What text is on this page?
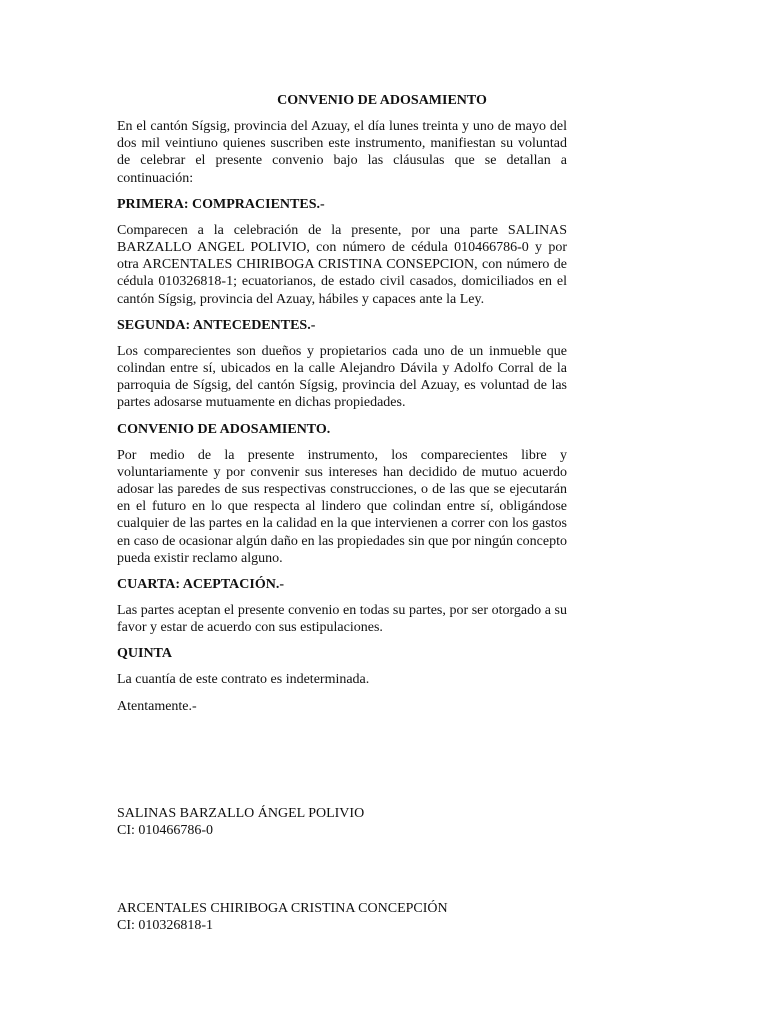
CONVENIO DE ADOSAMIENTO
En el cantón Sígsig, provincia del Azuay, el día lunes treinta y uno de mayo del dos mil veintiuno quienes suscriben este instrumento, manifiestan su voluntad de celebrar el presente convenio bajo las cláusulas que se detallan a continuación:
PRIMERA: COMPRACIENTES.-
Comparecen a la celebración de la presente, por una parte SALINAS BARZALLO ANGEL POLIVIO, con número de cédula 010466786-0 y por otra ARCENTALES CHIRIBOGA CRISTINA CONSEPCION, con número de cédula 010326818-1; ecuatorianos, de estado civil casados, domiciliados en el cantón Sígsig, provincia del Azuay, hábiles y capaces ante la Ley.
SEGUNDA: ANTECEDENTES.-
Los comparecientes son dueños y propietarios cada uno de un inmueble que colindan entre sí, ubicados en la calle Alejandro Dávila y Adolfo Corral de la parroquia de Sígsig, del cantón Sígsig, provincia del Azuay, es voluntad de las partes adosarse mutuamente en dichas propiedades.
CONVENIO DE ADOSAMIENTO.
Por medio de la presente instrumento, los comparecientes libre y voluntariamente y por convenir sus intereses han decidido de mutuo acuerdo adosar las paredes de sus respectivas construcciones, o de las que se ejecutarán en el futuro en lo que respecta al lindero que colindan entre sí, obligándose cualquier de las partes en la calidad en la que intervienen a correr con los gastos en caso de ocasionar algún daño en las propiedades sin que por ningún concepto pueda existir reclamo alguno.
CUARTA: ACEPTACIÓN.-
Las partes aceptan el presente convenio en todas su partes, por ser otorgado a su favor y estar de acuerdo con sus estipulaciones.
QUINTA
La cuantía de este contrato es indeterminada.
Atentamente.-
SALINAS BARZALLO ÁNGEL POLIVIO
CI: 010466786-0
ARCENTALES CHIRIBOGA CRISTINA CONCEPCIÓN
CI: 010326818-1
